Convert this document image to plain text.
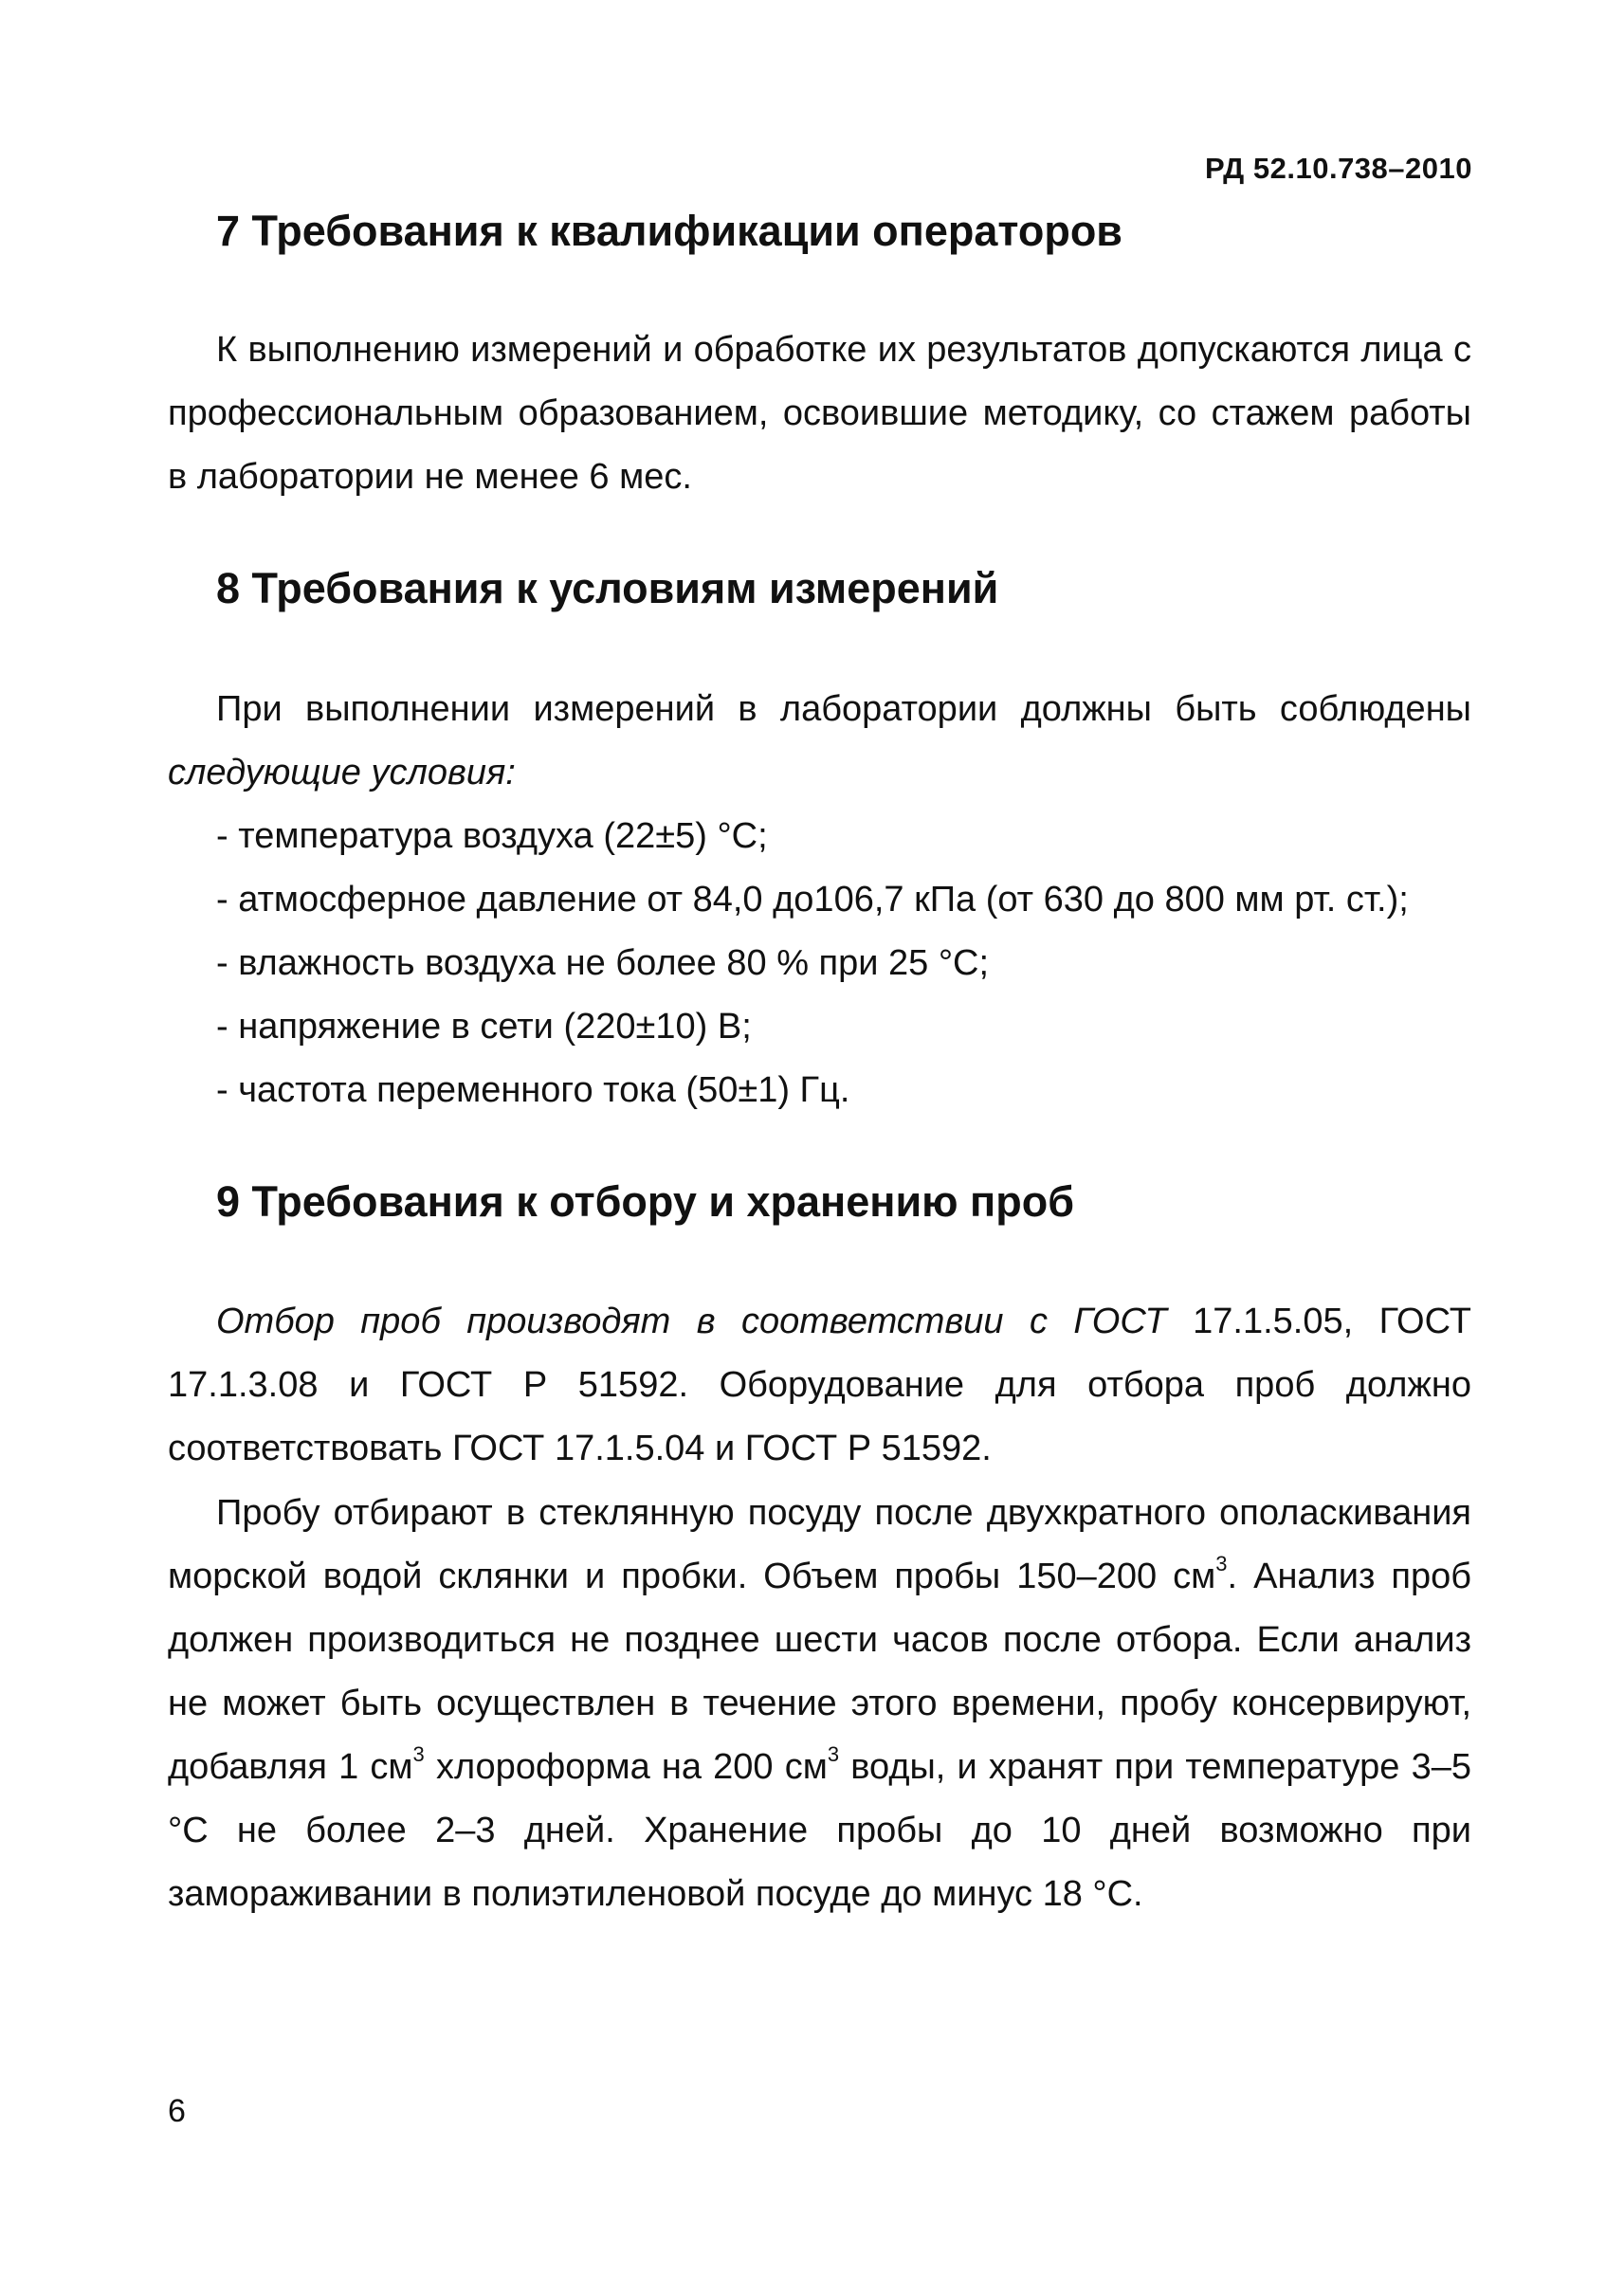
РД 52.10.738–2010
7 Требования к квалификации операторов

К выполнению измерений и обработке их результатов допускаются лица с профессиональным образованием, освоившие методику, со стажем работы в лаборатории не менее 6 мес.

8 Требования к условиям измерений

При выполнении измерений в лаборатории должны быть соблюдены

следующие условия:

- температура воздуха (22±5) °С;
- атмосферное давление от 84,0 до106,7 кПа (от 630 до 800 мм рт. ст.);
- влажность воздуха не более 80 % при 25 °С;
- напряжение в сети (220±10) В;
- частота переменного тока (50±1) Гц.
9 Требования к отбору и хранению проб

Отбор проб производят в соответствии с ГОСТ 17.1.5.05, ГОСТ 17.1.3.08 и ГОСТ Р 51592. Оборудование для отбора проб должно соответствовать ГОСТ 17.1.5.04 и ГОСТ Р 51592.

Пробу отбирают в стеклянную посуду после двухкратного ополаскивания морской водой склянки и пробки. Объем пробы 150–200 $см^3$. Анализ проб должен производиться не позднее шести часов после отбора. Если анализ не может быть осуществлен в течение этого времени, пробу консервируют, добавляя 1 $см^3$ хлороформа на 200 $см^3$ воды, и хранят при температуре 3–5 °С не более 2–3 дней. Хранение пробы до 10 дней возможно при замораживании в полиэтиленовой посуде до минус 18 °С.

6
